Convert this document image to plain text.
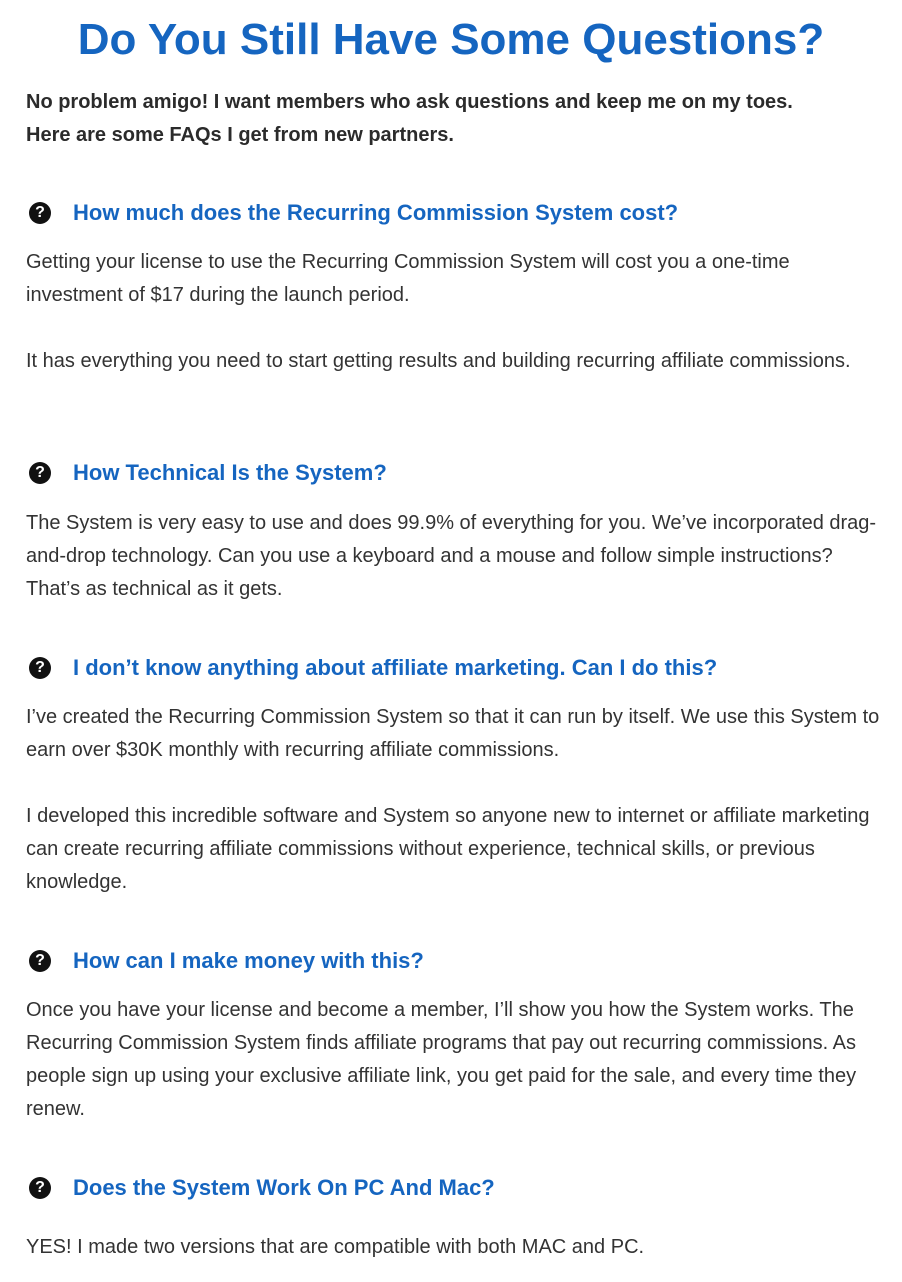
Do You Still Have Some Questions?

No problem amigo! I want members who ask questions and keep me on my toes.
Here are some FAQs I get from new partners.

? How much does the Recurring Commission System cost?

Getting your license to use the Recurring Commission System will cost you a one-time investment of $17 during the launch period.

It has everything you need to start getting results and building recurring affiliate commissions.

? How Technical Is the System?

The System is very easy to use and does 99.9% of everything for you. We’ve incorporated drag-and-drop technology. Can you use a keyboard and a mouse and follow simple instructions? That’s as technical as it gets.

? I don’t know anything about affiliate marketing. Can I do this?

I’ve created the Recurring Commission System so that it can run by itself. We use this System to earn over $30K monthly with recurring affiliate commissions.

I developed this incredible software and System so anyone new to internet or affiliate marketing can create recurring affiliate commissions without experience, technical skills, or previous knowledge.

? How can I make money with this?

Once you have your license and become a member, I’ll show you how the System works. The Recurring Commission System finds affiliate programs that pay out recurring commissions. As people sign up using your exclusive affiliate link, you get paid for the sale, and every time they renew.

? Does the System Work On PC And Mac?

YES! I made two versions that are compatible with both MAC and PC.
